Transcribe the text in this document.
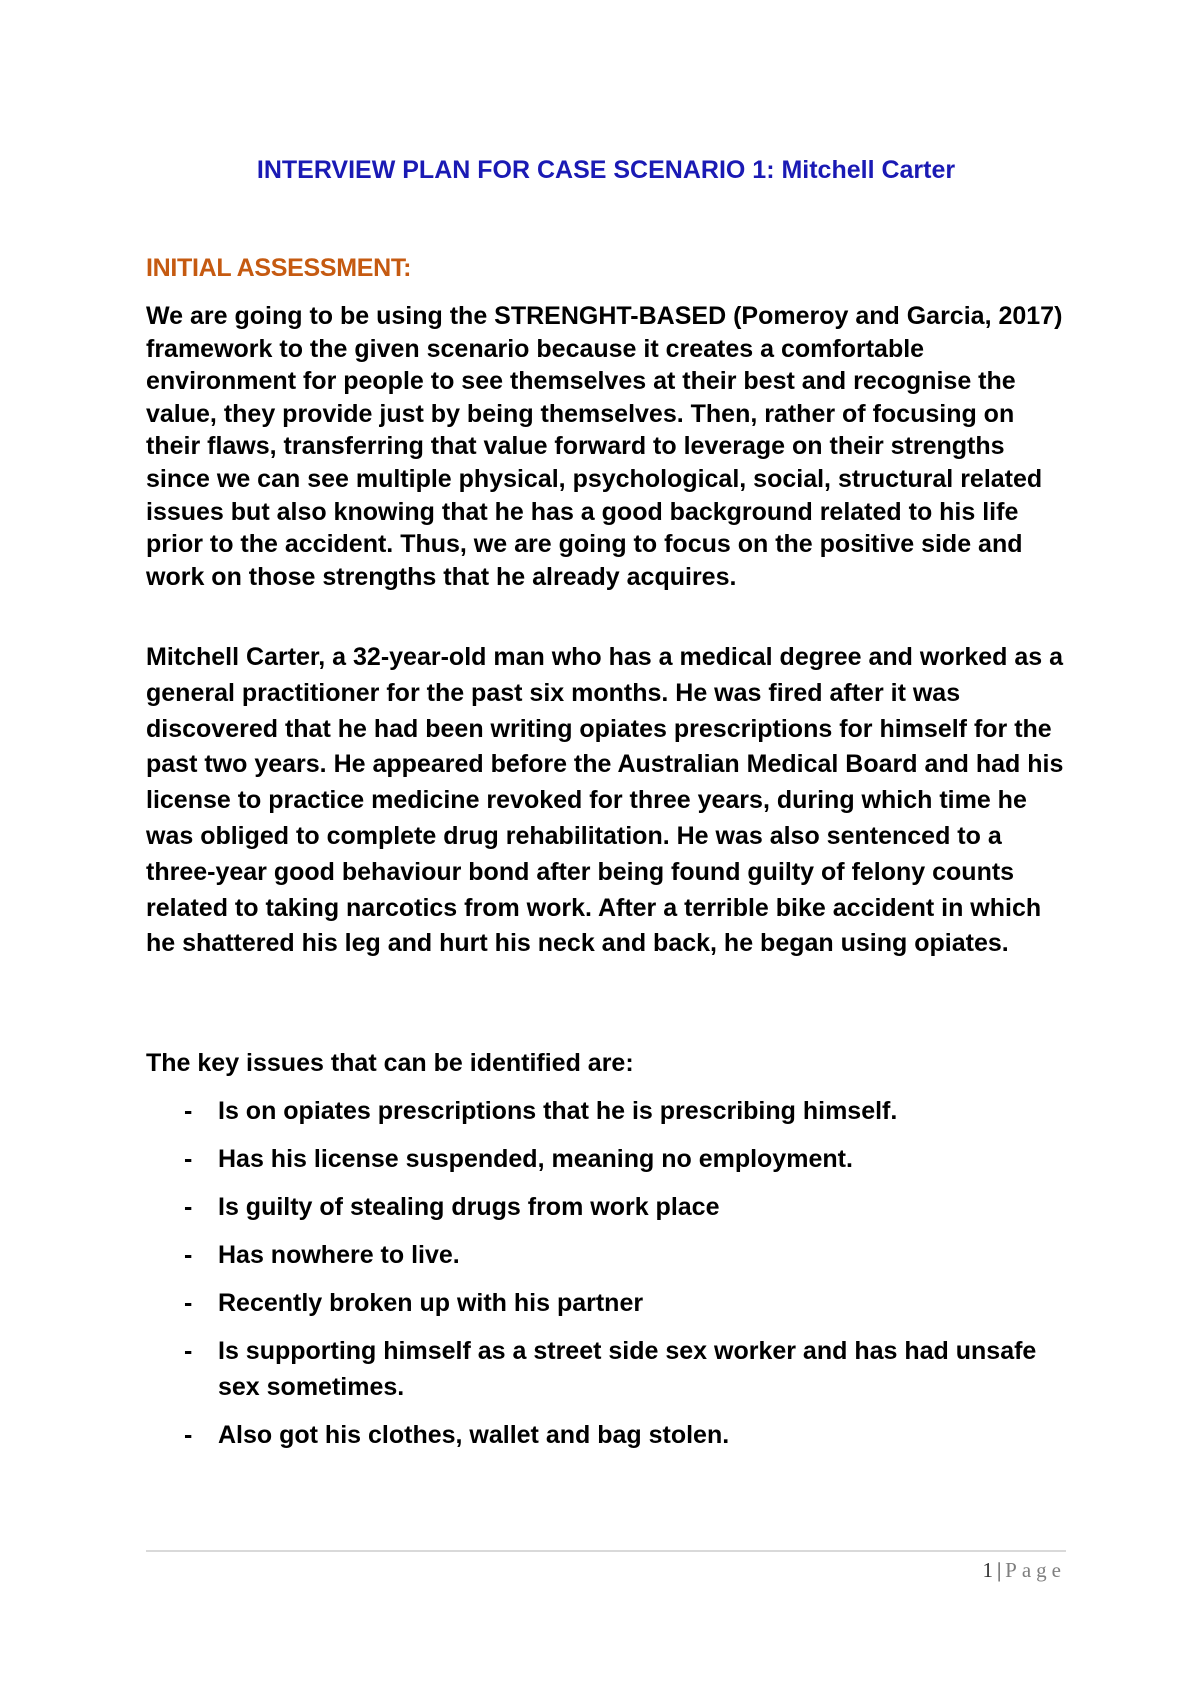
INTERVIEW PLAN FOR CASE SCENARIO 1: Mitchell Carter
INITIAL ASSESSMENT:

We are going to be using the STRENGHT-BASED (Pomeroy and Garcia, 2017) framework to the given scenario because it creates a comfortable environment for people to see themselves at their best and recognise the value, they provide just by being themselves. Then, rather of focusing on their flaws, transferring that value forward to leverage on their strengths since we can see multiple physical, psychological, social, structural related issues but also knowing that he has a good background related to his life prior to the accident. Thus, we are going to focus on the positive side and work on those strengths that he already acquires.

Mitchell Carter, a 32-year-old man who has a medical degree and worked as a general practitioner for the past six months. He was fired after it was discovered that he had been writing opiates prescriptions for himself for the past two years. He appeared before the Australian Medical Board and had his license to practice medicine revoked for three years, during which time he was obliged to complete drug rehabilitation. He was also sentenced to a three-year good behaviour bond after being found guilty of felony counts related to taking narcotics from work. After a terrible bike accident in which he shattered his leg and hurt his neck and back, he began using opiates.

The key issues that can be identified are:

- Is on opiates prescriptions that he is prescribing himself.
- Has his license suspended, meaning no employment.
- Is guilty of stealing drugs from work place
- Has nowhere to live.
- Recently broken up with his partner
- Is supporting himself as a street side sex worker and has had unsafe sex sometimes.
- Also got his clothes, wallet and bag stolen.
1 | Page
